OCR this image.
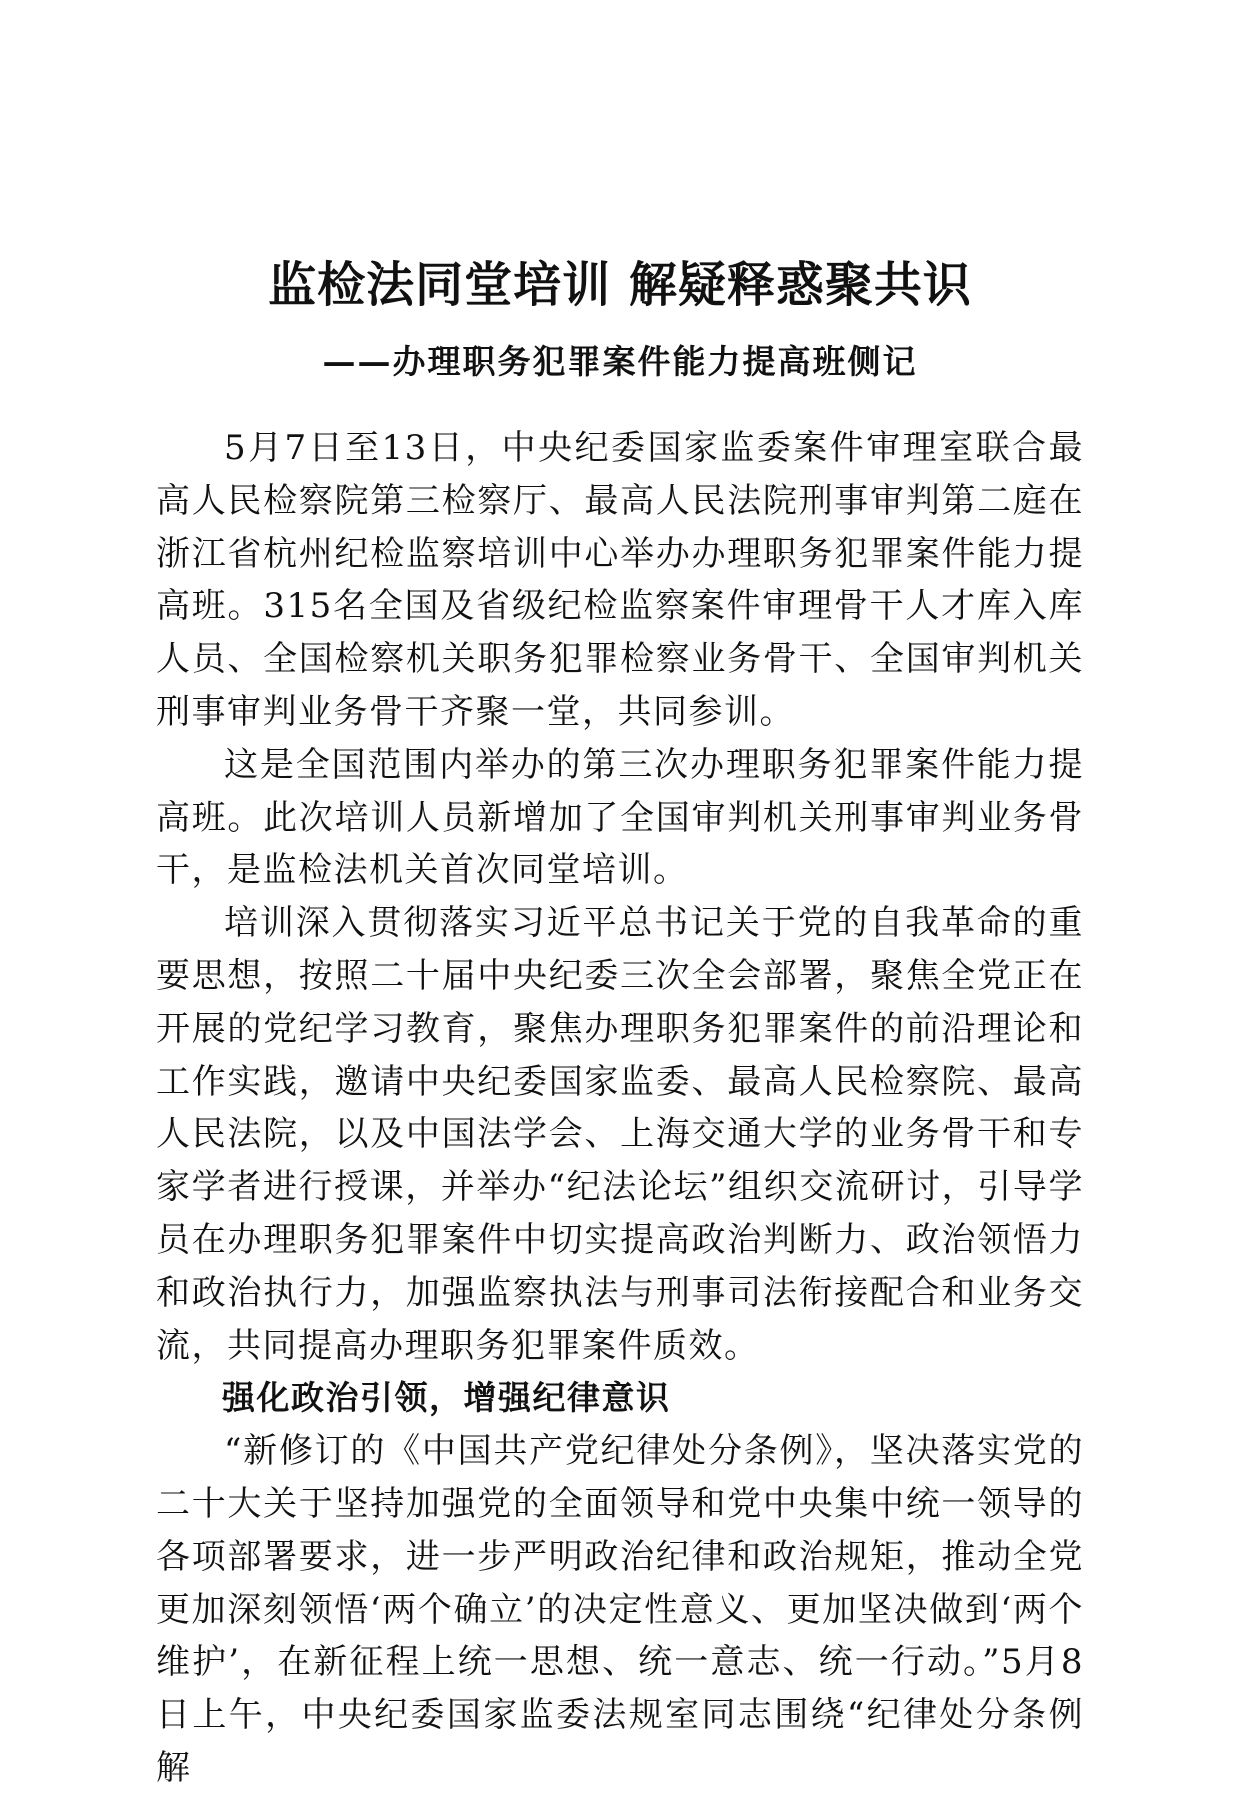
监检法同堂培训 解疑释惑聚共识
——办理职务犯罪案件能力提高班侧记

5月7日至13日，中央纪委国家监委案件审理室联合最高人民检察院第三检察厅、最高人民法院刑事审判第二庭在浙江省杭州纪检监察培训中心举办办理职务犯罪案件能力提高班。315名全国及省级纪检监察案件审理骨干人才库入库人员、全国检察机关职务犯罪检察业务骨干、全国审判机关刑事审判业务骨干齐聚一堂，共同参训。

这是全国范围内举办的第三次办理职务犯罪案件能力提高班。此次培训人员新增加了全国审判机关刑事审判业务骨干，是监检法机关首次同堂培训。

培训深入贯彻落实习近平总书记关于党的自我革命的重要思想，按照二十届中央纪委三次全会部署，聚焦全党正在开展的党纪学习教育，聚焦办理职务犯罪案件的前沿理论和工作实践，邀请中央纪委国家监委、最高人民检察院、最高人民法院，以及中国法学会、上海交通大学的业务骨干和专家学者进行授课，并举办“纪法论坛”组织交流研讨，引导学员在办理职务犯罪案件中切实提高政治判断力、政治领悟力和政治执行力，加强监察执法与刑事司法衔接配合和业务交流，共同提高办理职务犯罪案件质效。

强化政治引领，增强纪律意识

“新修订的《中国共产党纪律处分条例》，坚决落实党的二十大关于坚持加强党的全面领导和党中央集中统一领导的各项部署要求，进一步严明政治纪律和政治规矩，推动全党更加深刻领悟‘两个确立’的决定性意义、更加坚决做到‘两个维护’，在新征程上统一思想、统一意志、统一行动。”5月8日上午，中央纪委国家监委法规室同志围绕“纪律处分条例解
